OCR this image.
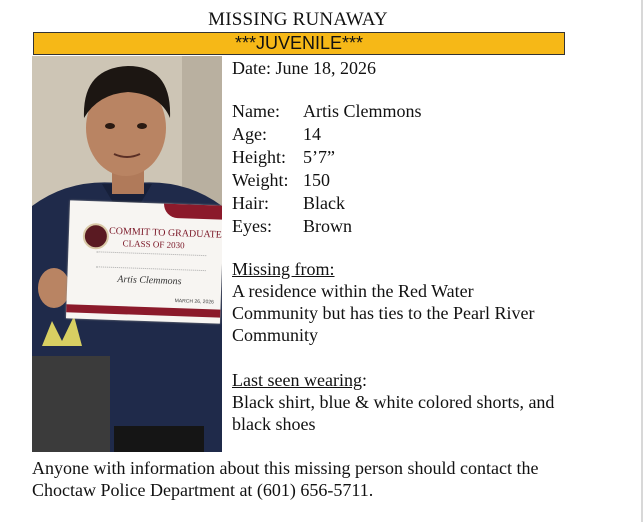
MISSING RUNAWAY
***JUVENILE***
COMMIT TO GRADUATE
CLASS OF 2030
Artis Clemmons
MARCH 26, 2026
Date: June 18, 2026
Name:	Artis Clemmons
Age:	14
Height: 5’7”
Weight: 150
Hair:	Black
Eyes:	Brown
Missing from:
A residence within the Red Water Community but has ties to the Pearl River Community
Last seen wearing:
Black shirt, blue & white colored shorts, and black shoes
Anyone with information about this missing person should contact the Choctaw Police Department at (601) 656-5711.
